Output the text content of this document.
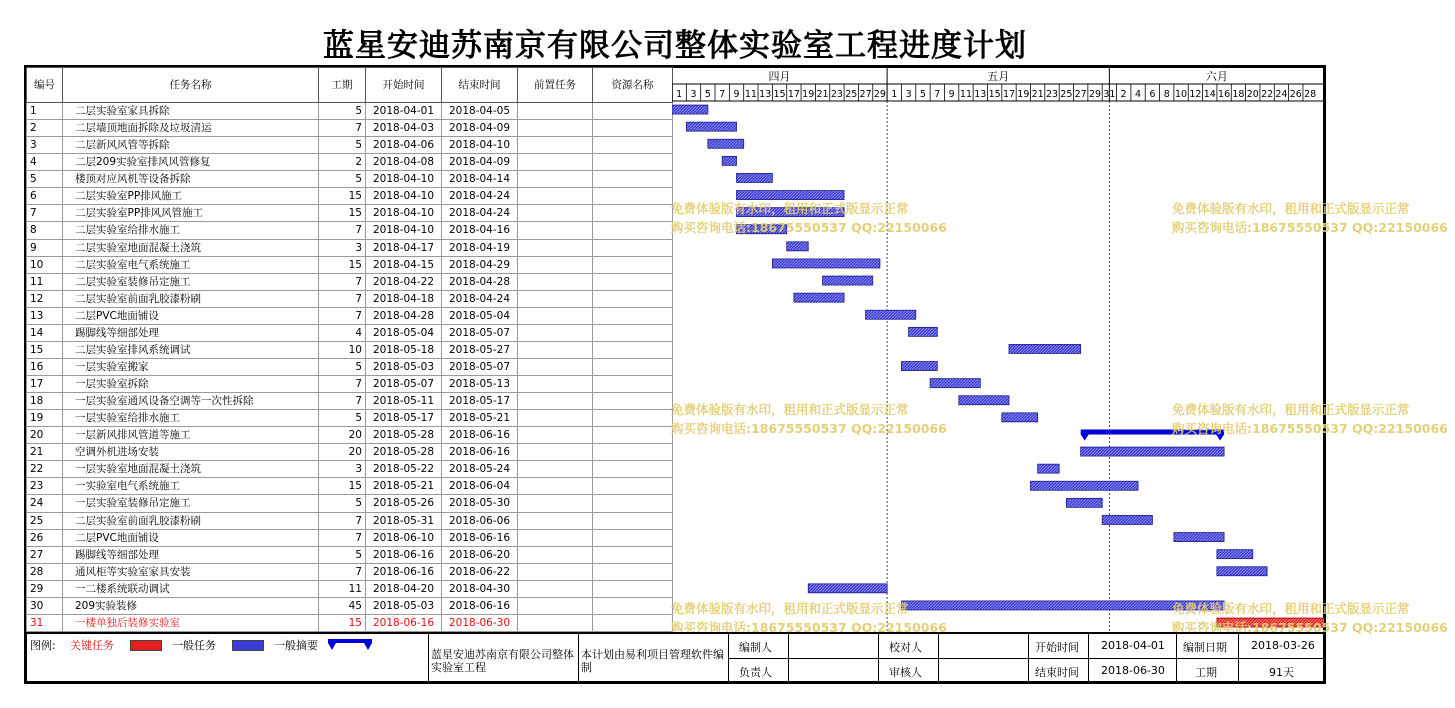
蓝星安迪苏南京有限公司整体实验室工程进度计划
编号	任务名称	工期	开始时间	结束时间	前置任务	资源名称
1	二层实验室家具拆除	5	2018-04-01	2018-04-05		
2	二层墙顶地面拆除及垃圾清运	7	2018-04-03	2018-04-09		
3	二层新风风管等拆除	5	2018-04-06	2018-04-10		
4	二层209实验室排风风管修复	2	2018-04-08	2018-04-09		
5	楼顶对应风机等设备拆除	5	2018-04-10	2018-04-14		
6	二层实验室PP排风施工	15	2018-04-10	2018-04-24		
7	二层实验室PP排风风管施工	15	2018-04-10	2018-04-24		
8	二层实验室给排水施工	7	2018-04-10	2018-04-16		
9	二层实验室地面混凝土浇筑	3	2018-04-17	2018-04-19		
10	二层实验室电气系统施工	15	2018-04-15	2018-04-29		
11	二层实验室装修吊定施工	7	2018-04-22	2018-04-28		
12	二层实验室前面乳胶漆粉刷	7	2018-04-18	2018-04-24		
13	二层PVC地面铺设	7	2018-04-28	2018-05-04		
14	踢脚线等细部处理	4	2018-05-04	2018-05-07		
15	二层实验室排风系统调试	10	2018-05-18	2018-05-27		
16	一层实验室搬家	5	2018-05-03	2018-05-07		
17	一层实验室拆除	7	2018-05-07	2018-05-13		
18	一层实验室通风设备空调等一次性拆除	7	2018-05-11	2018-05-17		
19	一层实验室给排水施工	5	2018-05-17	2018-05-21		
20	一层新风排风管道等施工	20	2018-05-28	2018-06-16		
21	空调外机进场安装	20	2018-05-28	2018-06-16		
22	一层实验室地面混凝土浇筑	3	2018-05-22	2018-05-24		
23	一实验室电气系统施工	15	2018-05-21	2018-06-04		
24	一层实验室装修吊定施工	5	2018-05-26	2018-05-30		
25	二层实验室前面乳胶漆粉刷	7	2018-05-31	2018-06-06		
26	二层PVC地面铺设	7	2018-06-10	2018-06-16		
27	踢脚线等细部处理	5	2018-06-16	2018-06-20		
28	通风柜等实验室家具安装	7	2018-06-16	2018-06-22		
29	一二楼系统联动调试	11	2018-04-20	2018-04-30		
30	209实验装修	45	2018-05-03	2018-06-16		
31	一楼单独后装修实验室	15	2018-06-16	2018-06-30		
四月
1 3 5 7 9 11 13 15 17 19 21 23 25 27 29
五月
1 3 5 7 9 11 13 15 17 19 21 23 25 27 29 31
六月
2 4 6 8 10 12 14 16 18 20 22 24 26 28
免费体验版有水印，租用和正式版显示正常
购买咨询电话:18675550537 QQ:22150066
免费体验版有水印，租用和正式版显示正常
购买咨询电话:18675550537 QQ:22150066
免费体验版有水印，租用和正式版显示正常
购买咨询电话:18675550537 QQ:22150066
免费体验版有水印，租用和正式版显示正常
购买咨询电话:18675550537 QQ:22150066
免费体验版有水印，租用和正式版显示正常
购买咨询电话:18675550537 QQ:22150066
免费体验版有水印，租用和正式版显示正常
购买咨询电话:18675550537 QQ:22150066
图例: 关键任务	一般任务	一般摘要
蓝星安迪苏南京有限公司整体实验室工程
本计划由易利项目管理软件编制
编制人	校对人
负责人	审核人
开始时间 2018-04-01
结束时间 2018-06-30
编制日期 2018-03-26
工期	91天
